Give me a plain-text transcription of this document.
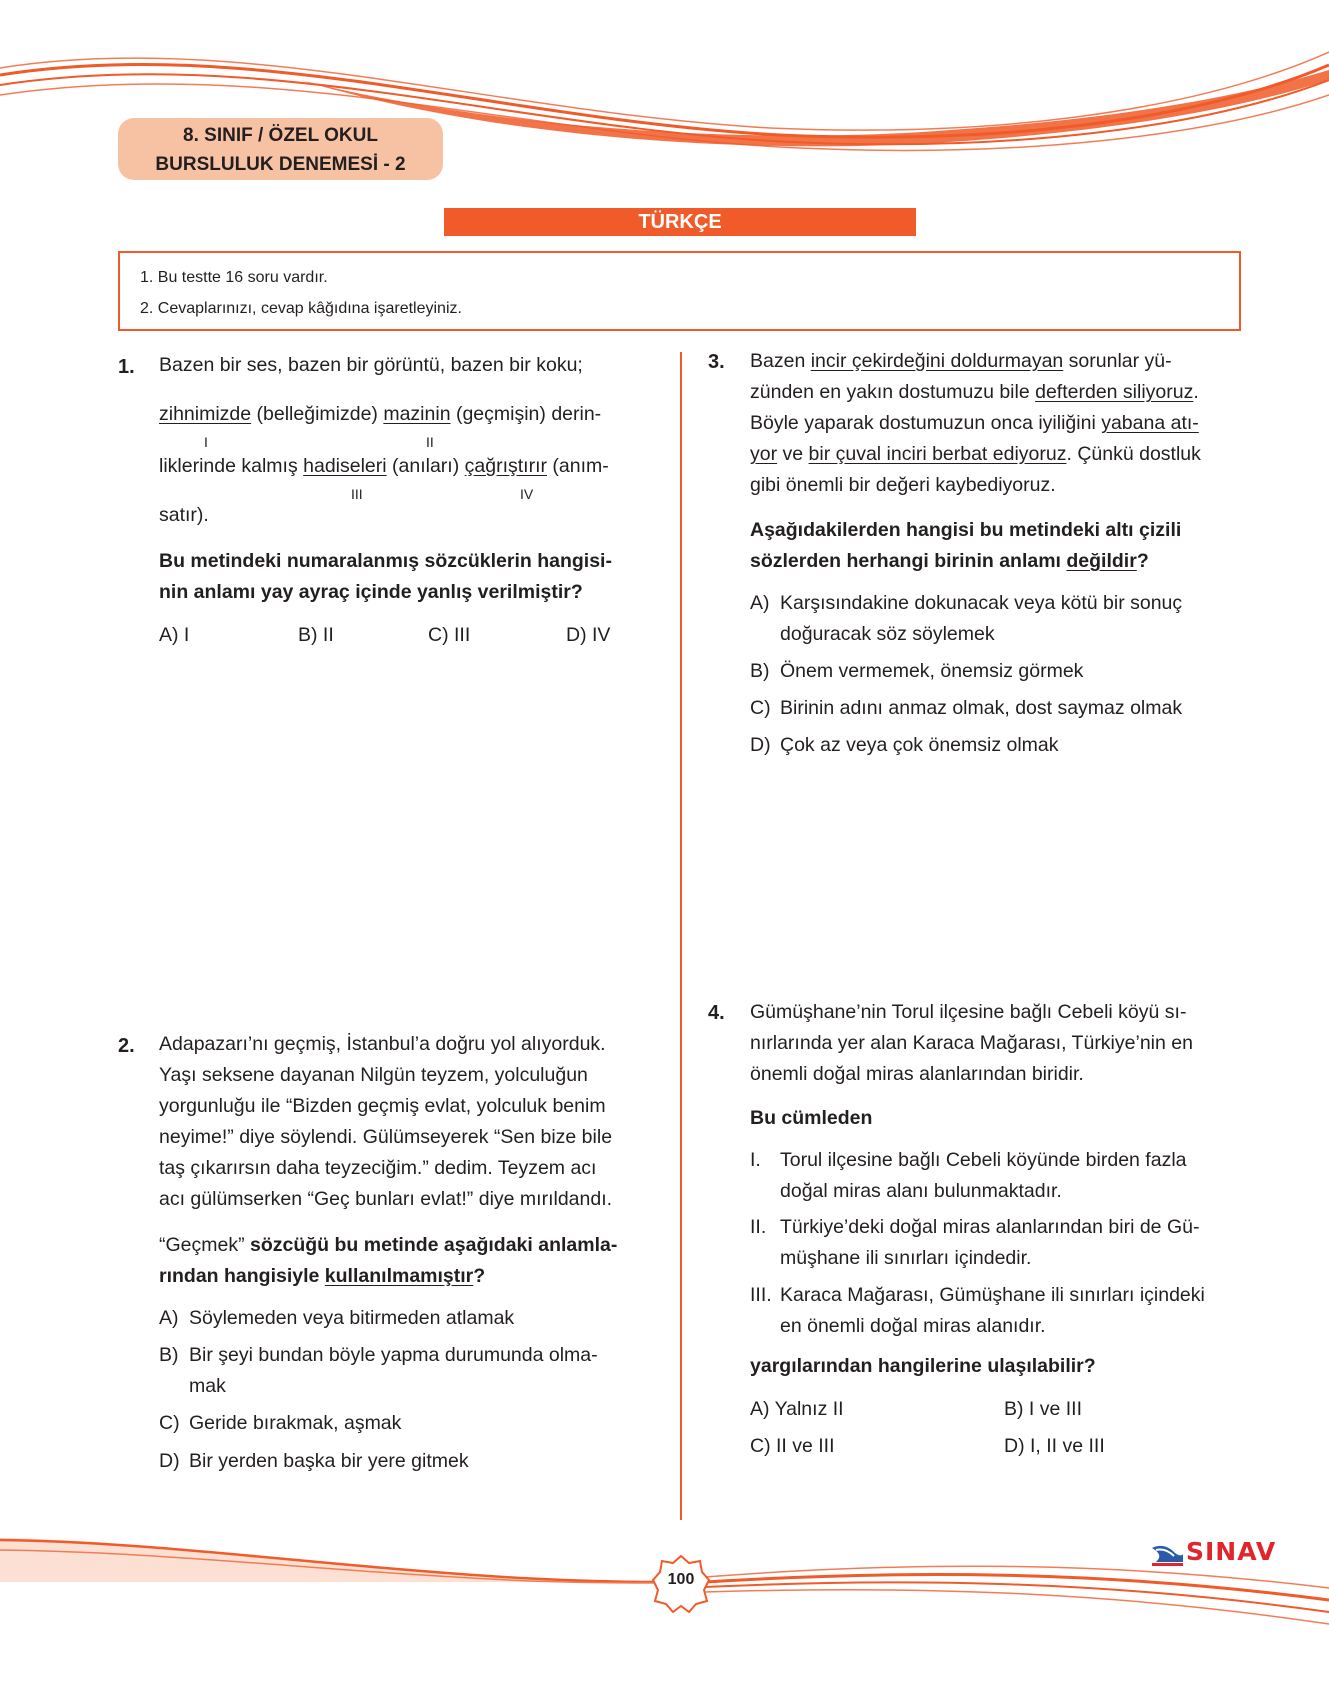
8. SINIF / ÖZEL OKUL
BURSLULUK DENEMESİ - 2
TÜRKÇE
1. Bu testte 16 soru vardır.
2. Cevaplarınızı, cevap kâğıdına işaretleyiniz.
1. Bazen bir ses, bazen bir görüntü, bazen bir koku;
zihnimizde (belleğimizde) mazinin (geçmişin) derin-
I	II
liklerinde kalmış hadiseleri (anıları) çağrıştırır (anım-
III	IV
satır).
Bu metindeki numaralanmış sözcüklerin hangisi-
nin anlamı yay ayraç içinde yanlış verilmiştir?
A) I	B) II	C) III	D) IV
2. Adapazarı’nı geçmiş, İstanbul’a doğru yol alıyorduk.
Yaşı seksene dayanan Nilgün teyzem, yolculuğun
yorgunluğu ile “Bizden geçmiş evlat, yolculuk benim
neyime!” diye söylendi. Gülümseyerek “Sen bize bile
taş çıkarırsın daha teyzeciğim.” dedim. Teyzem acı
acı gülümserken “Geç bunları evlat!” diye mırıldandı.
“Geçmek” sözcüğü bu metinde aşağıdaki anlamla-
rından hangisiyle kullanılmamıştır?
A) Söylemeden veya bitirmeden atlamak
B) Bir şeyi bundan böyle yapma durumunda olma-
mak
C) Geride bırakmak, aşmak
D) Bir yerden başka bir yere gitmek
3. Bazen incir çekirdeğini doldurmayan sorunlar yü-
zünden en yakın dostumuzu bile defterden siliyoruz.
Böyle yaparak dostumuzun onca iyiliğini yabana atı-
yor ve bir çuval inciri berbat ediyoruz. Çünkü dostluk
gibi önemli bir değeri kaybediyoruz.
Aşağıdakilerden hangisi bu metindeki altı çizili
sözlerden herhangi birinin anlamı değildir?
A) Karşısındakine dokunacak veya kötü bir sonuç
doğuracak söz söylemek
B) Önem vermemek, önemsiz görmek
C) Birinin adını anmaz olmak, dost saymaz olmak
D) Çok az veya çok önemsiz olmak
4. Gümüşhane’nin Torul ilçesine bağlı Cebeli köyü sı-
nırlarında yer alan Karaca Mağarası, Türkiye’nin en
önemli doğal miras alanlarından biridir.
Bu cümleden
I. Torul ilçesine bağlı Cebeli köyünde birden fazla
doğal miras alanı bulunmaktadır.
II. Türkiye’deki doğal miras alanlarından biri de Gü-
müşhane ili sınırları içindedir.
III. Karaca Mağarası, Gümüşhane ili sınırları içindeki
en önemli doğal miras alanıdır.
yargılarından hangilerine ulaşılabilir?
A) Yalnız II	B) I ve III
C) II ve III	D) I, II ve III
100
SINAV
